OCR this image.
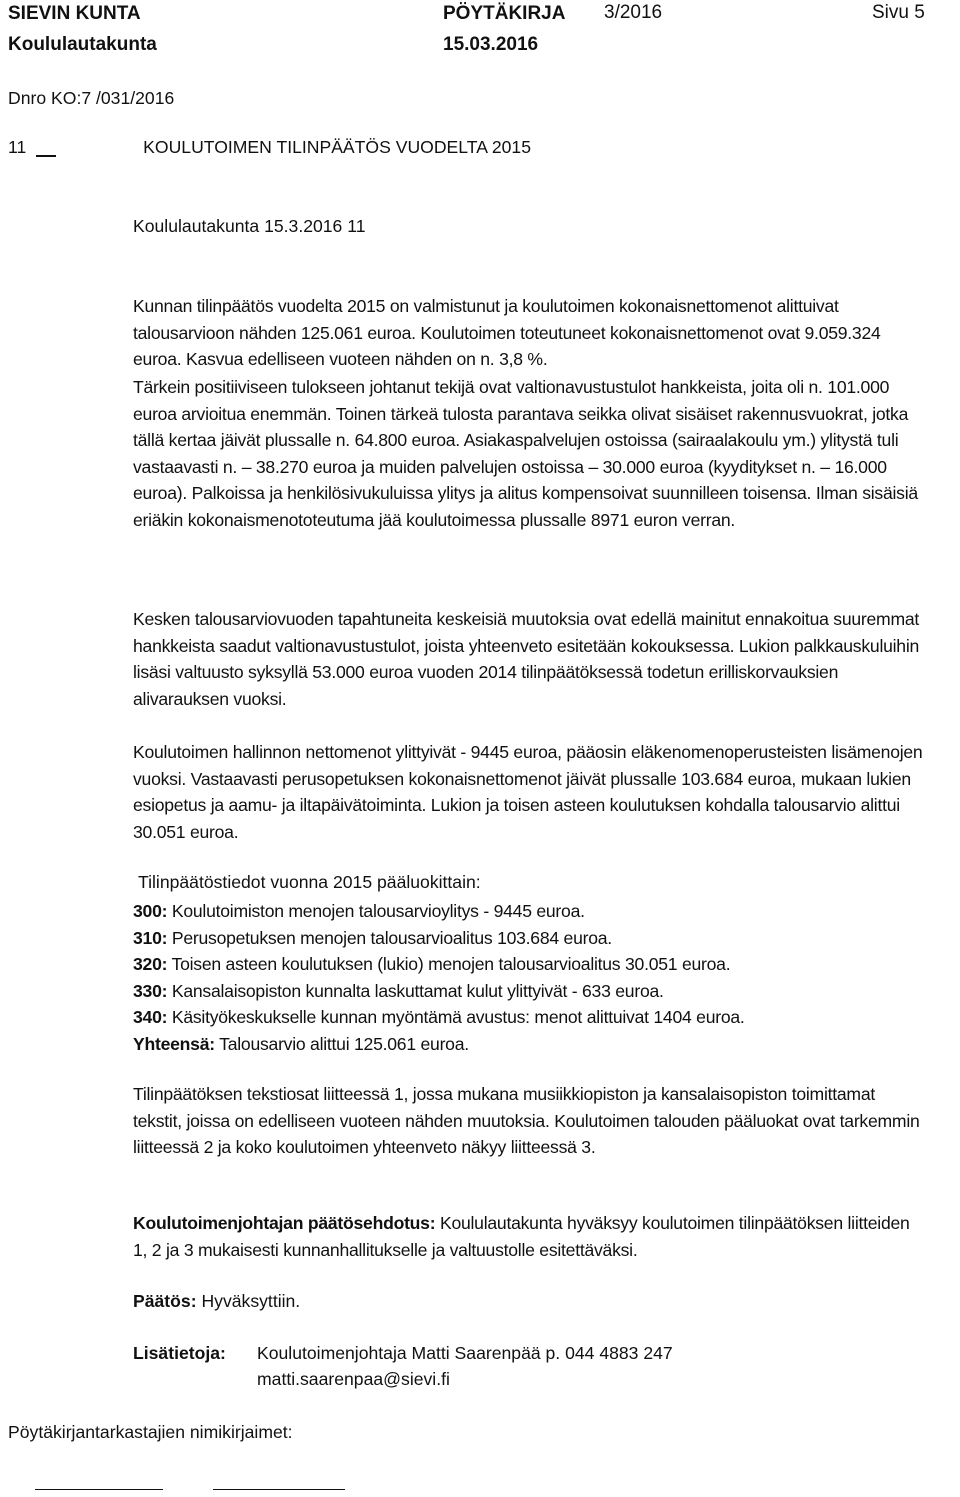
SIEVIN KUNTA	PÖYTÄKIRJA 3/2016	Sivu 5
Koululautakunta	15.03.2016
Dnro KO:7 /031/2016
11	KOULUTOIMEN TILINPÄÄTÖS VUODELTA 2015
Koululautakunta 15.3.2016 11

Kunnan tilinpäätös vuodelta 2015 on valmistunut ja koulutoimen kokonaisnettomenot alittuivat talousarvioon nähden 125.061 euroa. Koulutoimen toteutuneet kokonaisnettomenot ovat 9.059.324 euroa. Kasvua edelliseen vuoteen nähden on n. 3,8 %.

Tärkein positiiviseen tulokseen johtanut tekijä ovat valtionavustustulot hankkeista, joita oli n. 101.000 euroa arvioitua enemmän. Toinen tärkeä tulosta parantava seikka olivat sisäiset rakennusvuokrat, jotka tällä kertaa jäivät plussalle n. 64.800 euroa. Asiakaspalvelujen ostoissa (sairaalakoulu ym.) ylitystä tuli vastaavasti n. – 38.270 euroa ja muiden palvelujen ostoissa – 30.000 euroa (kyyditykset n. – 16.000 euroa). Palkoissa ja henkilösivukuluissa ylitys ja alitus kompensoivat suunnilleen toisensa. Ilman sisäisiä eriäkin kokonaismenototeutuma jää koulutoimessa plussalle 8971 euron verran.

Kesken talousarviovuoden tapahtuneita keskeisiä muutoksia ovat edellä mainitut ennakoitua suuremmat hankkeista saadut valtionavustustulot, joista yhteenveto esitetään kokouksessa. Lukion palkkauskuluihin lisäsi valtuusto syksyllä 53.000 euroa vuoden 2014 tilinpäätöksessä todetun erilliskorvauksien alivarauksen vuoksi.

Koulutoimen hallinnon nettomenot ylittyivät - 9445 euroa, pääosin eläkenomenoperusteisten lisämenojen vuoksi. Vastaavasti perusopetuksen kokonaisnettomenot jäivät plussalle 103.684 euroa, mukaan lukien esiopetus ja aamu- ja iltapäivätoiminta. Lukion ja toisen asteen koulutuksen kohdalla talousarvio alittui 30.051 euroa.

Tilinpäätöstiedot vuonna 2015 pääluokittain:

300: Koulutoimiston menojen talousarvioylitys - 9445 euroa.

310: Perusopetuksen menojen talousarvioalitus 103.684 euroa.

320: Toisen asteen koulutuksen (lukio) menojen talousarvioalitus 30.051 euroa.

330: Kansalaisopiston kunnalta laskuttamat kulut ylittyivät - 633 euroa.

340: Käsityökeskukselle kunnan myöntämä avustus: menot alittuivat 1404 euroa.

Yhteensä: Talousarvio alittui 125.061 euroa.

Tilinpäätöksen tekstiosat liitteessä 1, jossa mukana musiikkiopiston ja kansalaisopiston toimittamat tekstit, joissa on edelliseen vuoteen nähden muutoksia. Koulutoimen talouden pääluokat ovat tarkemmin liitteessä 2 ja koko koulutoimen yhteenveto näkyy liitteessä 3.

Koulutoimenjohtajan päätösehdotus: Koululautakunta hyväksyy koulutoimen tilinpäätöksen liitteiden 1, 2 ja 3 mukaisesti kunnanhallitukselle ja valtuustolle esitettäväksi.

Päätös: Hyväksyttiin.
Lisätietoja: Koulutoimenjohtaja Matti Saarenpää p. 044 4883 247
matti.saarenpaa@sievi.fi
Pöytäkirjantarkastajien nimikirjaimet:
